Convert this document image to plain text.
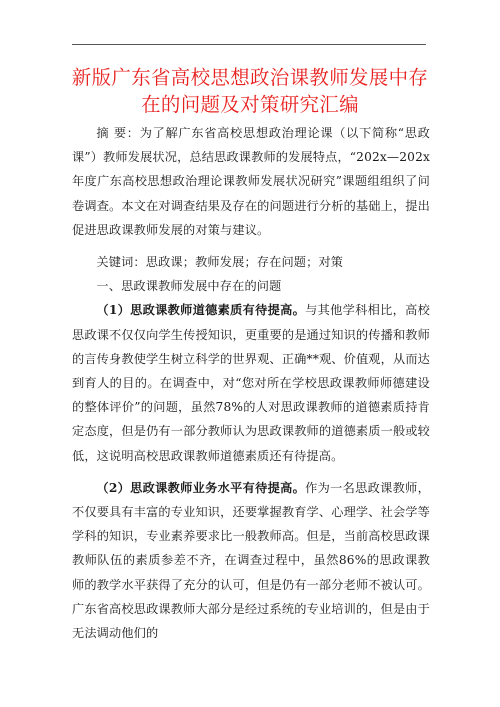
新版广东省高校思想政治课教师发展中存
在的问题及对策研究汇编

摘 要：为了解广东省高校思想政治理论课（以下简称“思政课”）教师发展状况，总结思政课教师的发展特点，“202x—202x 年度广东高校思想政治理论课教师发展状况研究”课题组组织了问卷调查。本文在对调查结果及存在的问题进行分析的基础上，提出促进思政课教师发展的对策与建议。

关键词：思政课；教师发展；存在问题；对策

一、思政课教师发展中存在的问题

（1）思政课教师道德素质有待提高。与其他学科相比，高校思政课不仅仅向学生传授知识，更重要的是通过知识的传播和教师的言传身教使学生树立科学的世界观、正确**观、价值观，从而达到育人的目的。在调查中，对“您对所在学校思政课教师师德建设的整体评价”的问题，虽然78%的人对思政课教师的道德素质持肯定态度，但是仍有一部分教师认为思政课教师的道德素质一般或较低，这说明高校思政课教师道德素质还有待提高。

（2）思政课教师业务水平有待提高。作为一名思政课教师，不仅要具有丰富的专业知识，还要掌握教育学、心理学、社会学等学科的知识，专业素养要求比一般教师高。但是，当前高校思政课教师队伍的素质参差不齐，在调查过程中，虽然86%的思政课教师的教学水平获得了充分的认可，但是仍有一部分老师不被认可。广东省高校思政课教师大部分是经过系统的专业培训的，但是由于无法调动他们的
